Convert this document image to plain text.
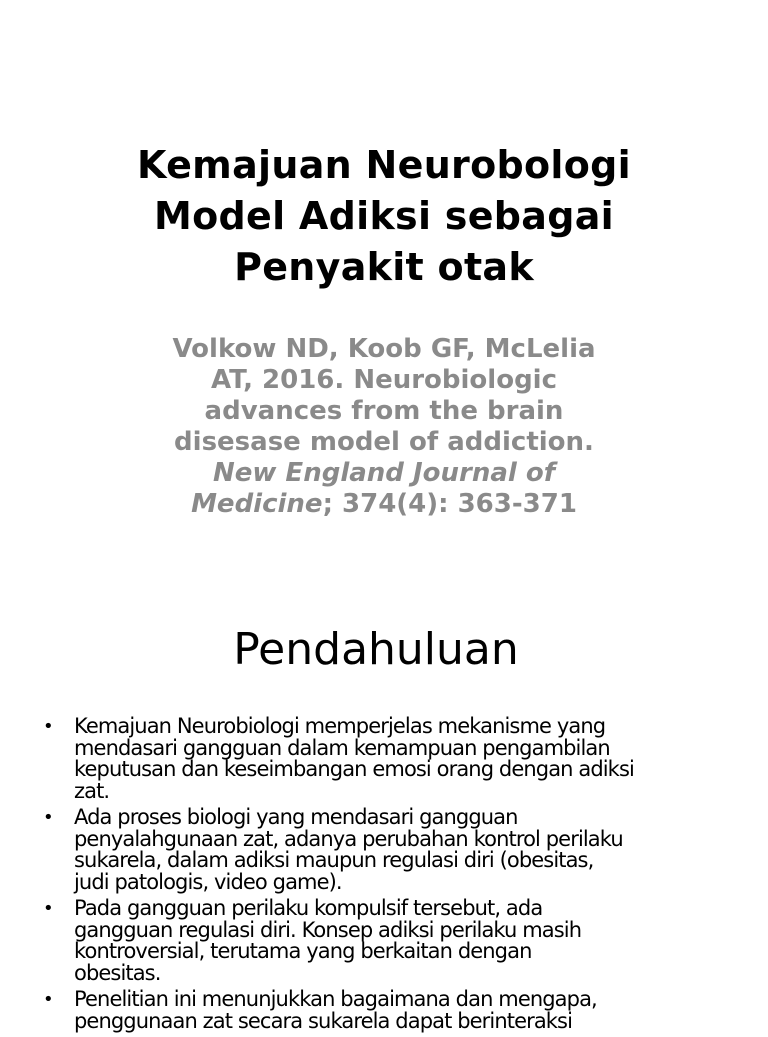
Kemajuan Neurobologi
Model Adiksi sebagai
Penyakit otak
Volkow ND, Koob GF, McLelia
AT, 2016. Neurobiologic
advances from the brain
disesase model of addiction.
New England Journal of
Medicine; 374(4): 363-371
Pendahuluan
• Kemajuan Neurobiologi memperjelas mekanisme yang
mendasari gangguan dalam kemampuan pengambilan
keputusan dan keseimbangan emosi orang dengan adiksi
zat.
• Ada proses biologi yang mendasari gangguan
penyalahgunaan zat, adanya perubahan kontrol perilaku
sukarela, dalam adiksi maupun regulasi diri (obesitas,
judi patologis, video game).
• Pada gangguan perilaku kompulsif tersebut, ada
gangguan regulasi diri. Konsep adiksi perilaku masih
kontroversial, terutama yang berkaitan dengan
obesitas.
• Penelitian ini menunjukkan bagaimana dan mengapa,
penggunaan zat secara sukarela dapat berinteraksi
